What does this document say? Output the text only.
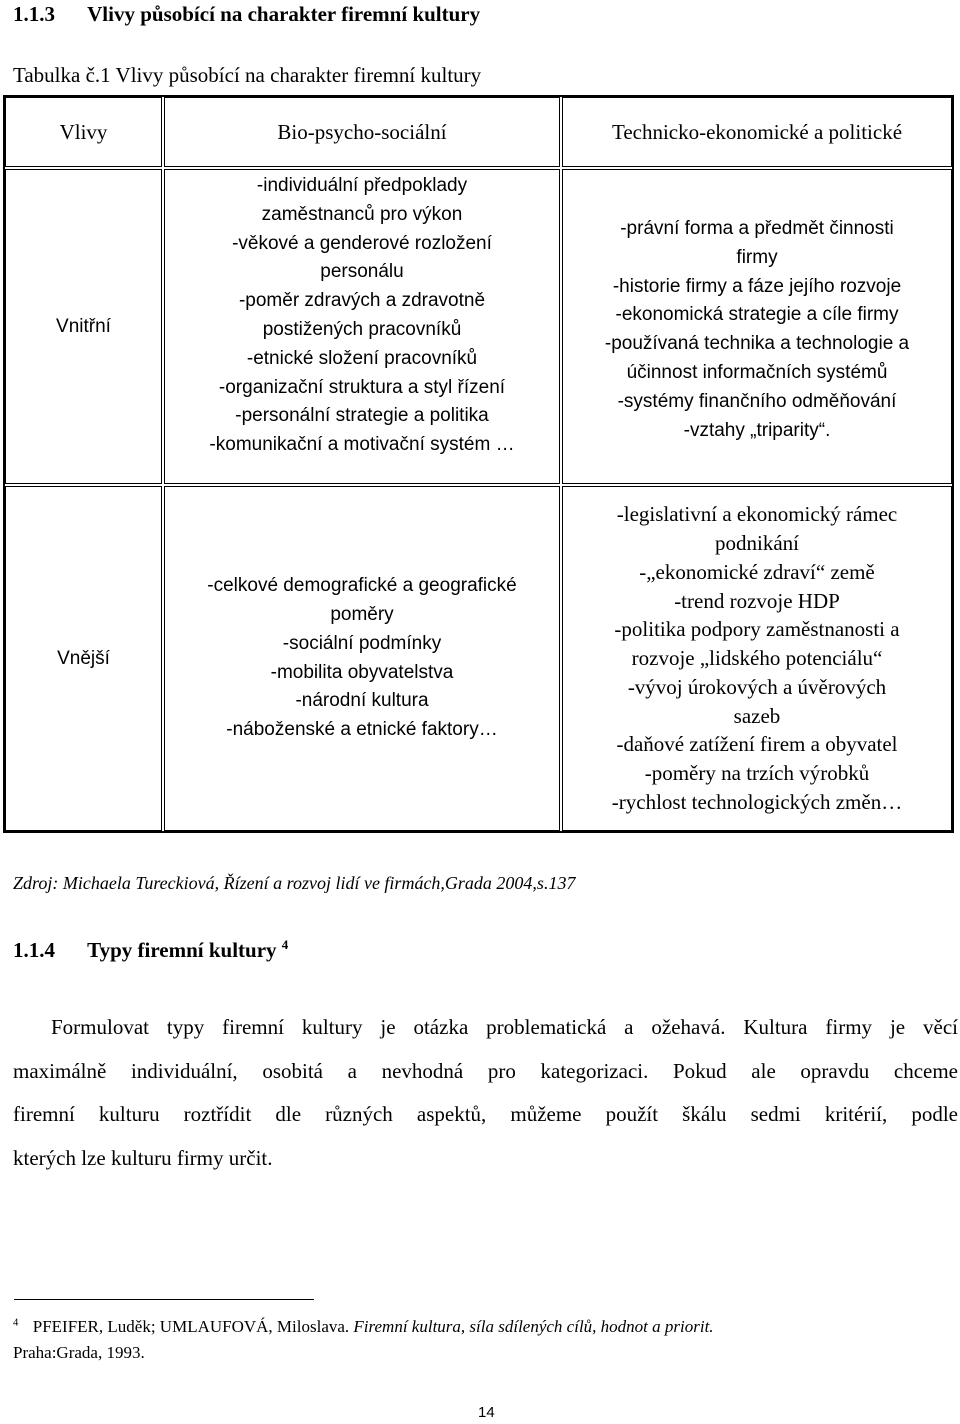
1.1.3 Vlivy působící na charakter firemní kultury
Tabulka č.1 Vlivy působící na charakter firemní kultury
Vlivy	Bio-psycho-sociální	Technicko-ekonomické a politické
Vnitřní
-individuální předpoklady
zaměstnanců pro výkon
-věkové a genderové rozložení
personálu
-poměr zdravých a zdravotně
postižených pracovníků
-etnické složení pracovníků
-organizační struktura a styl řízení
-personální strategie a politika
-komunikační a motivační systém …
-právní forma a předmět činnosti
firmy
-historie firmy a fáze jejího rozvoje
-ekonomická strategie a cíle firmy
-používaná technika a technologie a
účinnost informačních systémů
-systémy finančního odměňování
-vztahy „triparity“.
Vnější
-celkové demografické a geografické
poměry
-sociální podmínky
-mobilita obyvatelstva
-národní kultura
-náboženské a etnické faktory…
-legislativní a ekonomický rámec
podnikání
-„ekonomické zdraví“ země
-trend rozvoje HDP
-politika podpory zaměstnanosti a
rozvoje „lidského potenciálu“
-vývoj úrokových a úvěrových
sazeb
-daňové zatížení firem a obyvatel
-poměry na trzích výrobků
-rychlost technologických změn…
Zdroj: Michaela Tureckiová, Řízení a rozvoj lidí ve firmách,Grada 2004,s.137
1.1.4 Typy firemní kultury $^4$
Formulovat typy firemní kultury je otázka problematická a ožehavá. Kultura firmy je věcí
maximálně individuální, osobitá a nevhodná pro kategorizaci. Pokud ale opravdu chceme
firemní kulturu roztřídit dle různých aspektů, můžeme použít škálu sedmi kritérií, podle
kterých lze kulturu firmy určit.
$^4$ PFEIFER, Luděk; UMLAUFOVÁ, Miloslava. Firemní kultura, síla sdílených cílů, hodnot a priorit.
Praha:Grada, 1993.
14
